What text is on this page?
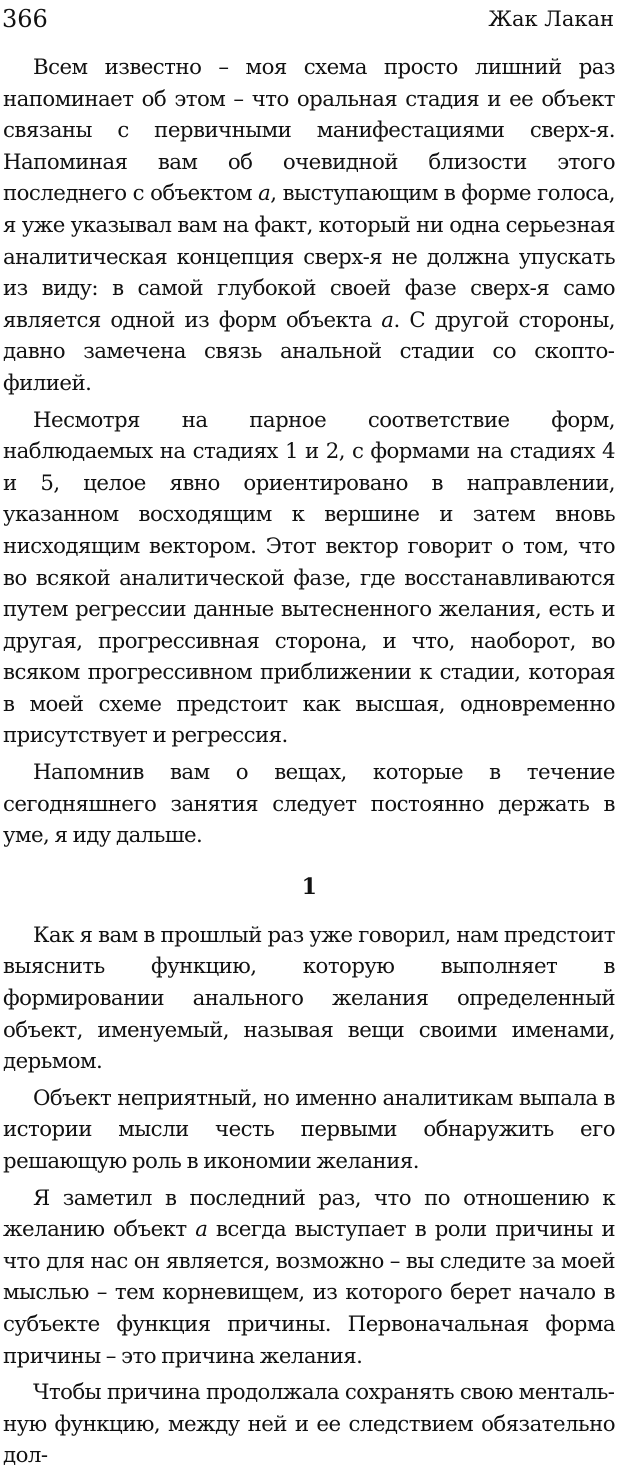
366	Жак Лакан

Всем известно – моя схема просто лишний раз напоминает об этом – что оральная стадия и ее объект связаны с первичными манифестациями сверх-я. Напоминая вам об очевидной близости этого последнего с объектом а, выступающим в форме голоса, я уже указывал вам на факт, который ни одна серьезная аналитическая концепция сверх-я не должна упускать из виду: в самой глубокой своей фазе сверх-я само является одной из форм объекта а. С другой стороны, давно замечена связь анальной стадии со скоптофилией.

Несмотря на парное соответствие форм, наблюдаемых на стадиях 1 и 2, с формами на стадиях 4 и 5, целое явно ориентировано в направлении, указанном восходящим к вершине и затем вновь нисходящим вектором. Этот вектор говорит о том, что во всякой аналитической фазе, где восстанавливаются путем регрессии данные вытесненного желания, есть и другая, прогрессивная сторона, и что, наоборот, во всяком прогрессивном приближении к стадии, которая в моей схеме предстоит как высшая, одновременно присутствует и регрессия.

Напомнив вам о вещах, которые в течение сегодняшнего занятия следует постоянно держать в уме, я иду дальше.

1

Как я вам в прошлый раз уже говорил, нам предстоит выяснить функцию, которую выполняет в формировании анального желания определенный объект, именуемый, называя вещи своими именами, дерьмом.

Объект неприятный, но именно аналитикам выпала в истории мысли честь первыми обнаружить его решающую роль в икономии желания.

Я заметил в последний раз, что по отношению к желанию объект а всегда выступает в роли причины и что для нас он является, возможно – вы следите за моей мыслью – тем корневищем, из которого берет начало в субъекте функция причины. Первоначальная форма причины – это причина желания.

Чтобы причина продолжала сохранять свою ментальную функцию, между ней и ее следствием обязательно дол-
